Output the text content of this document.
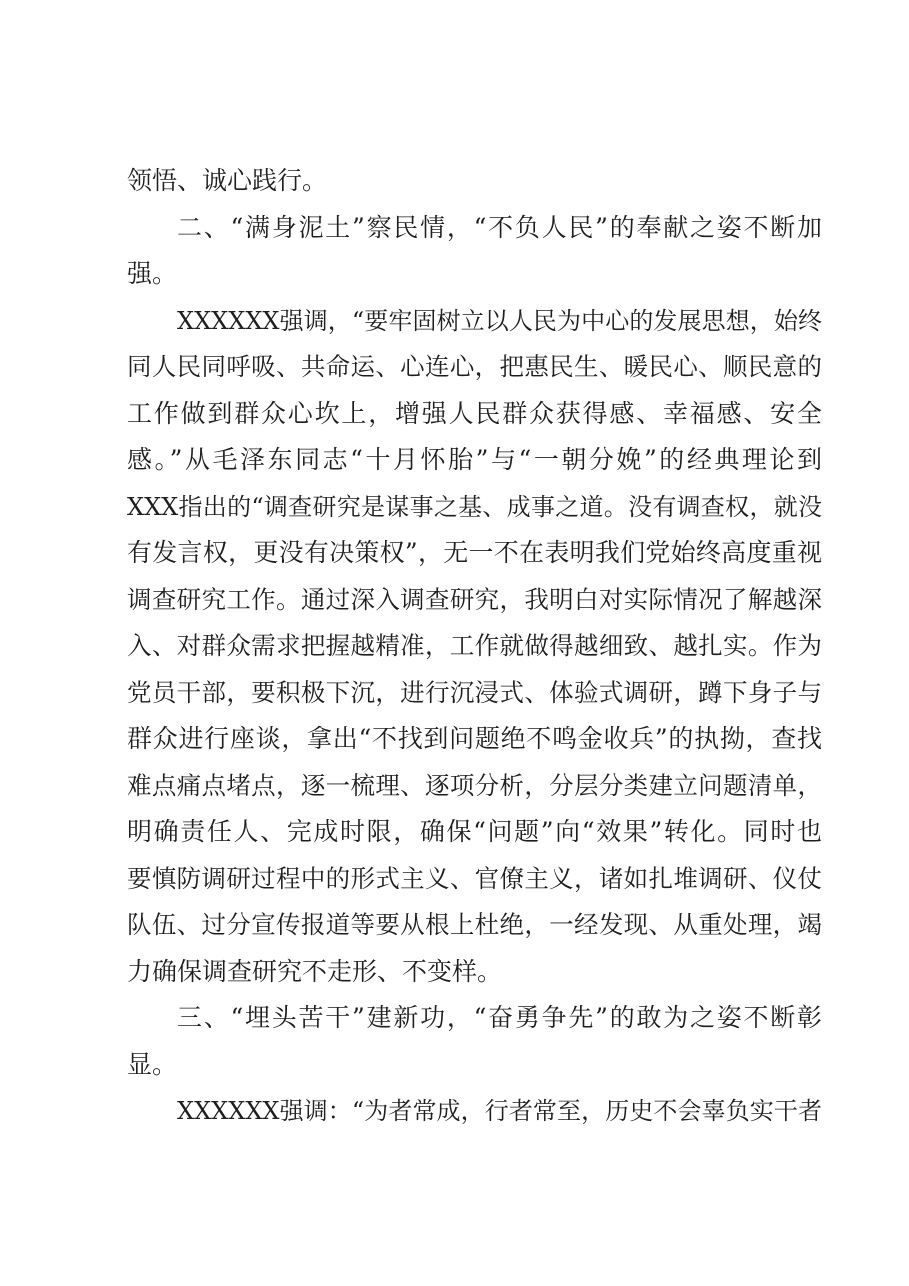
领悟、诚心践行。
二、“满身泥土”察民情，“不负人民”的奉献之姿不断加
强。
XXXXXX强调，“要牢固树立以人民为中心的发展思想，始终
同人民同呼吸、共命运、心连心，把惠民生、暖民心、顺民意的
工作做到群众心坎上，增强人民群众获得感、幸福感、安全
感。”从毛泽东同志“十月怀胎”与“一朝分娩”的经典理论到
XXX指出的“调查研究是谋事之基、成事之道。没有调查权，就没
有发言权，更没有决策权”，无一不在表明我们党始终高度重视
调查研究工作。通过深入调查研究，我明白对实际情况了解越深
入、对群众需求把握越精准，工作就做得越细致、越扎实。作为
党员干部，要积极下沉，进行沉浸式、体验式调研，蹲下身子与
群众进行座谈，拿出“不找到问题绝不鸣金收兵”的执拗，查找
难点痛点堵点，逐一梳理、逐项分析，分层分类建立问题清单，
明确责任人、完成时限，确保“问题”向“效果”转化。同时也
要慎防调研过程中的形式主义、官僚主义，诸如扎堆调研、仪仗
队伍、过分宣传报道等要从根上杜绝，一经发现、从重处理，竭
力确保调查研究不走形、不变样。
三、“埋头苦干”建新功，“奋勇争先”的敢为之姿不断彰
显。
XXXXXX强调：“为者常成，行者常至，历史不会辜负实干者
